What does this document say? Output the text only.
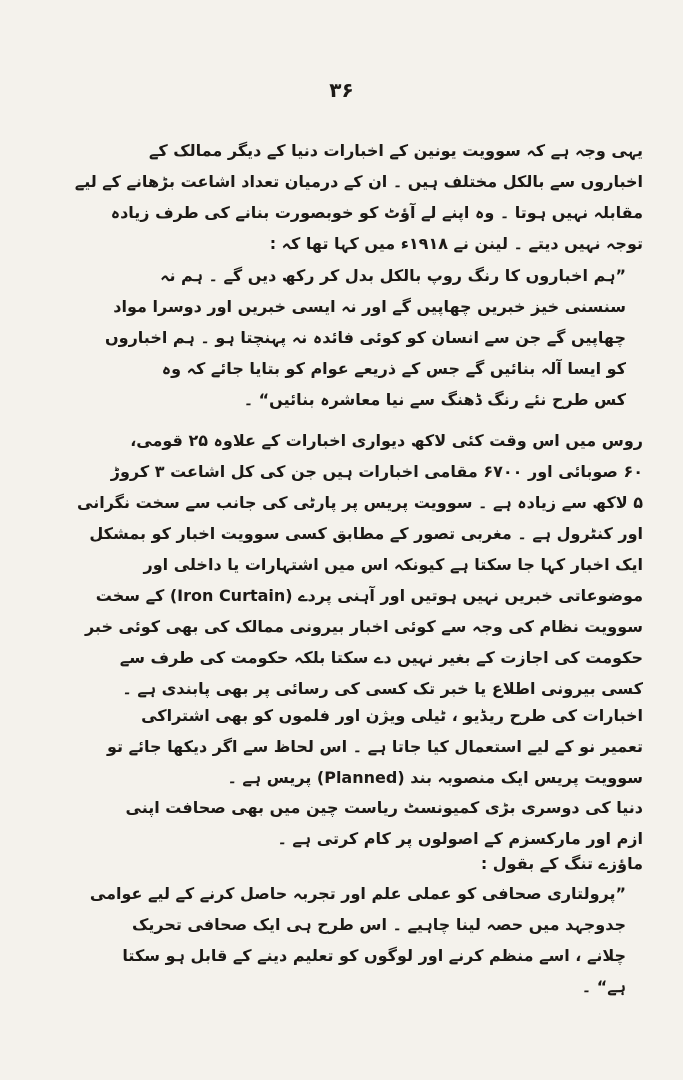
۳۶
یہی وجہ ہے کہ سوویت یونین کے اخبارات دنیا کے دیگر ممالک کے
اخباروں سے بالکل مختلف ہیں ۔ ان کے درمیان تعداد اشاعت بڑھانے کے لیے
مقابلہ نہیں ہوتا ۔ وہ اپنے لے آؤٹ کو خوبصورت بنانے کی طرف زیادہ
توجہ نہیں دیتے ۔ لینن نے ۱۹۱۸ء میں کہا تھا کہ :
”ہم اخباروں کا رنگ روپ بالکل بدل کر رکھ دیں گے ۔ ہم نہ
سنسنی خیز خبریں چھاپیں گے اور نہ ایسی خبریں اور دوسرا مواد
چھاپیں گے جن سے انسان کو کوئی فائدہ نہ پہنچتا ہو ۔ ہم اخباروں
کو ایسا آلہ بنائیں گے جس کے ذریعے عوام کو بتایا جائے کہ وہ
کس طرح نئے رنگ ڈھنگ سے نیا معاشرہ بنائیں“ ۔
روس میں اس وقت کئی لاکھ دیواری اخبارات کے علاوہ ۲۵ قومی،
۶۰ صوبائی اور ۶۷۰۰ مقامی اخبارات ہیں جن کی کل اشاعت ۳ کروڑ
۵ لاکھ سے زیادہ ہے ۔ سوویت پریس پر پارٹی کی جانب سے سخت نگرانی
اور کنٹرول ہے ۔ مغربی تصور کے مطابق کسی سوویت اخبار کو بمشکل
ایک اخبار کہا جا سکتا ہے کیونکہ اس میں اشتہارات یا داخلی اور
موضوعاتی خبریں نہیں ہوتیں اور آہنی پردے (Iron Curtain) کے سخت
سوویت نظام کی وجہ سے کوئی اخبار بیرونی ممالک کی بھی کوئی خبر
حکومت کی اجازت کے بغیر نہیں دے سکتا بلکہ حکومت کی طرف سے
کسی بیرونی اطلاع یا خبر تک کسی کی رسائی پر بھی پابندی ہے ۔
اخبارات کی طرح ریڈیو ، ٹیلی ویژن اور فلموں کو بھی اشتراکی
تعمیر نو کے لیے استعمال کیا جاتا ہے ۔ اس لحاظ سے اگر دیکھا جائے تو
سوویت پریس ایک منصوبہ بند (Planned) پریس ہے ۔
دنیا کی دوسری بڑی کمیونسٹ ریاست چین میں بھی صحافت اپنی
ازم اور مارکسزم کے اصولوں پر کام کرتی ہے ۔
ماؤزے تنگ کے بقول :
”پرولتاری صحافی کو عملی علم اور تجربہ حاصل کرنے کے لیے عوامی
جدوجہد میں حصہ لینا چاہیے ۔ اس طرح ہی ایک صحافی تحریک
چلانے ، اسے منظم کرنے اور لوگوں کو تعلیم دینے کے قابل ہو سکتا
ہے“ ۔
